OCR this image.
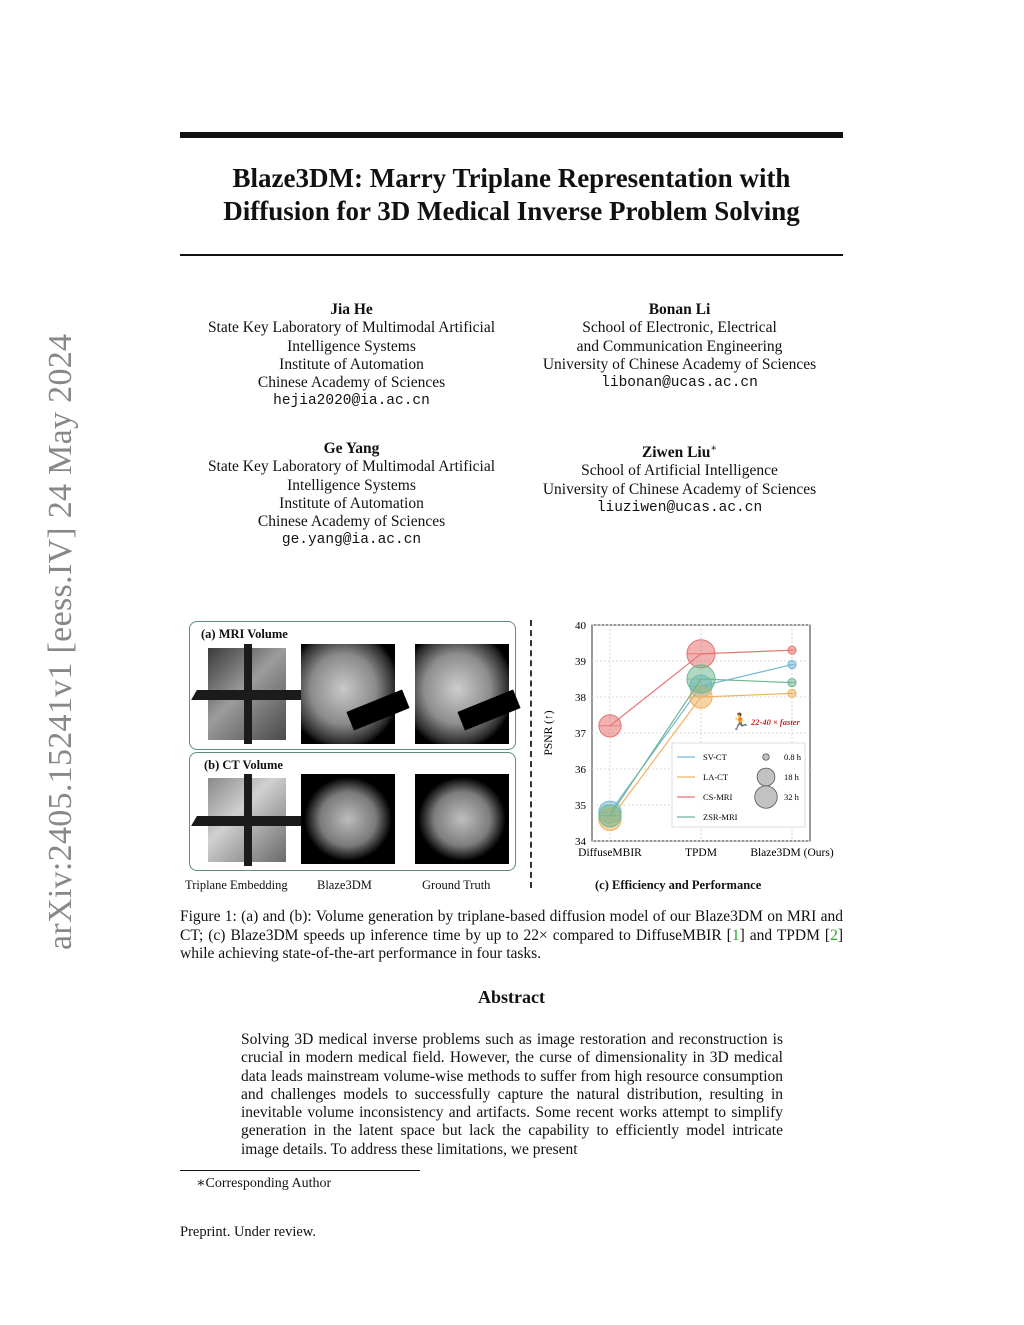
arXiv:2405.15241v1 [eess.IV] 24 May 2024
Blaze3DM: Marry Triplane Representation with
Diffusion for 3D Medical Inverse Problem Solving
Jia He
State Key Laboratory of Multimodal Artificial
Intelligence Systems
Institute of Automation
Chinese Academy of Sciences
hejia2020@ia.ac.cn
Bonan Li
School of Electronic, Electrical
and Communication Engineering
University of Chinese Academy of Sciences
libonan@ucas.ac.cn
Ge Yang
State Key Laboratory of Multimodal Artificial
Intelligence Systems
Institute of Automation
Chinese Academy of Sciences
ge.yang@ia.ac.cn
Ziwen Liu∗
School of Artificial Intelligence
University of Chinese Academy of Sciences
liuziwen@ucas.ac.cn
(a) MRI Volume
(b) CT Volume
Triplane Embedding Blaze3DM	Ground Truth
34
35
36
37
38
39
40
DiffuseMBIR	TPDM	Blaze3DM (Ours)
PSNR (↑)
SV-CT
LA-CT
CS-MRI
ZSR-MRI
0.8 h
18 h
32 h
🏃 22-40 × faster
(c) Efficiency and Performance
Figure 1: (a) and (b): Volume generation by triplane-based diffusion model of our Blaze3DM on MRI and CT; (c) Blaze3DM speeds up inference time by up to 22× compared to DiffuseMBIR [1] and TPDM [2] while achieving state-of-the-art performance in four tasks.
Abstract
Solving 3D medical inverse problems such as image restoration and reconstruction is crucial in modern medical field. However, the curse of dimensionality in 3D medical data leads mainstream volume-wise methods to suffer from high resource consumption and challenges models to successfully capture the natural distribution, resulting in inevitable volume inconsistency and artifacts. Some recent works attempt to simplify generation in the latent space but lack the capability to efficiently model intricate image details. To address these limitations, we present
∗Corresponding Author
Preprint. Under review.
